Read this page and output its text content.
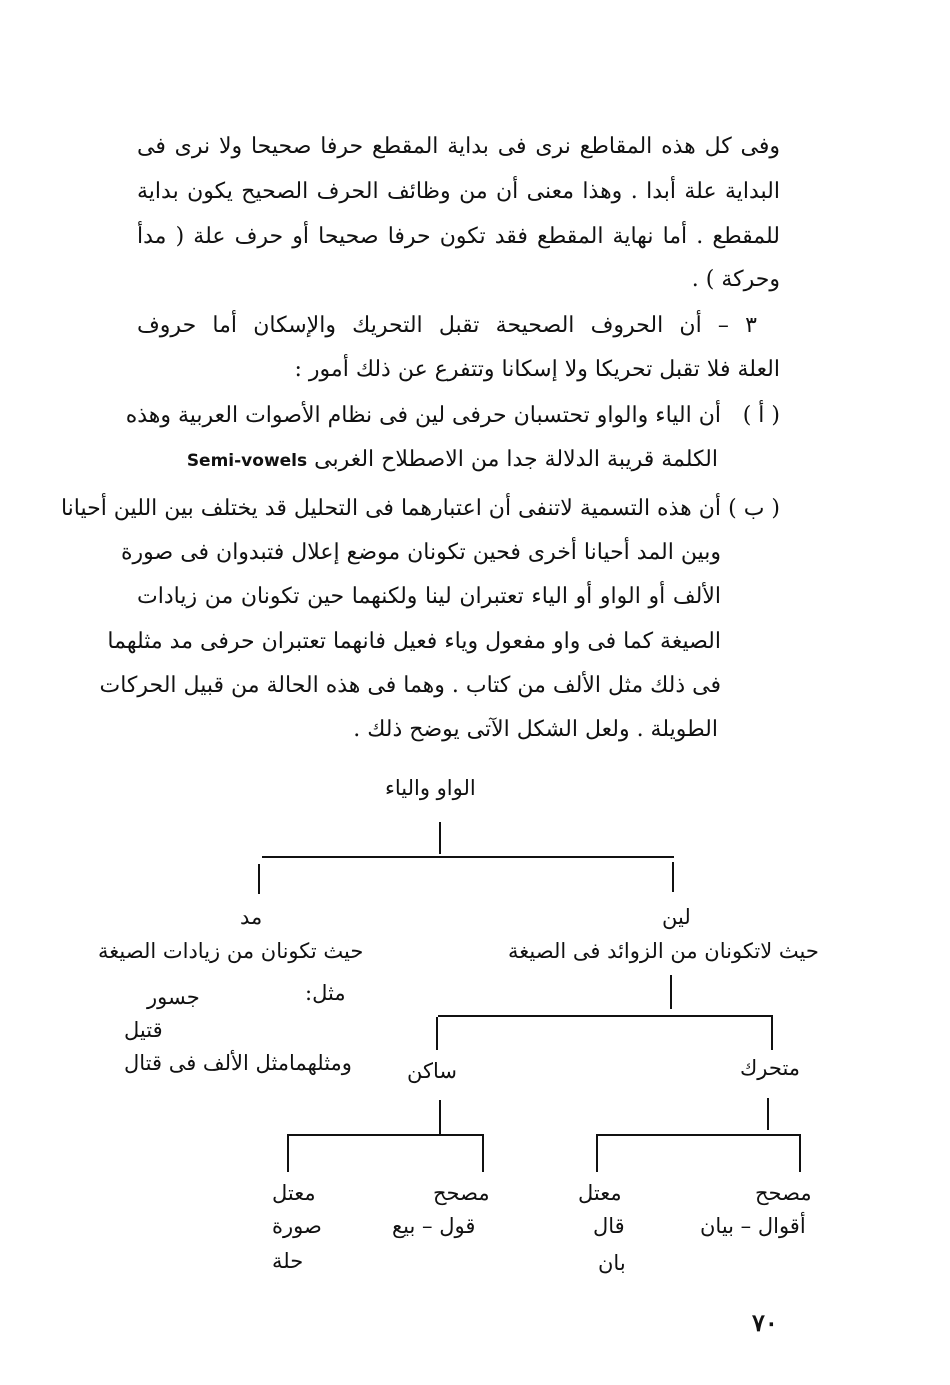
وفى كل هذه المقاطع نرى فى بداية المقطع حرفا صحيحا ولا نرى فى
البداية علة أبدا . وهذا معنى أن من وظائف الحرف الصحيح يكون بداية
للمقطع . أما نهاية المقطع فقد تكون حرفا صحيحا أو حرف علة ( مدأ
وحركة ) .
٣ – أن الحروف الصحيحة تقبل التحريك والإسكان أما حروف
العلة فلا تقبل تحريكا ولا إسكانا وتتفرع عن ذلك أمور :
( أ )
أن الياء والواو تحتسبان حرفى لين فى نظام الأصوات العربية وهذه
الكلمة قريبة الدلالة جدا من الاصطلاح الغربى Semi-vowels
( ب )
أن هذه التسمية لاتنفى أن اعتبارهما فى التحليل قد يختلف بين اللين أحيانا
وبين المد أحيانا أخرى فحين تكونان موضع إعلال فتبدوان فى صورة
الألف أو الواو أو الياء تعتبران لينا ولكنهما حين تكونان من زيادات
الصيغة كما فى واو مفعول وياء فعيل فانهما تعتبران حرفى مد مثلهما
فى ذلك مثل الألف من كتاب . وهما فى هذه الحالة من قبيل الحركات
الطويلة . ولعل الشكل الآتى يوضح ذلك .
الواو والياء
مد
حيث تكونان من زيادات الصيغة
مثل:
جسور
قتيل
ومثلهمامثل الألف فى قتال
لين
حيث لاتكونان من الزوائد فى الصيغة
ساكن
معتل
صورة
حلة
مصحح
قول – بيع
متحرك
معتل
قال
بان
مصحح
أقوال – بيان
٧٠
